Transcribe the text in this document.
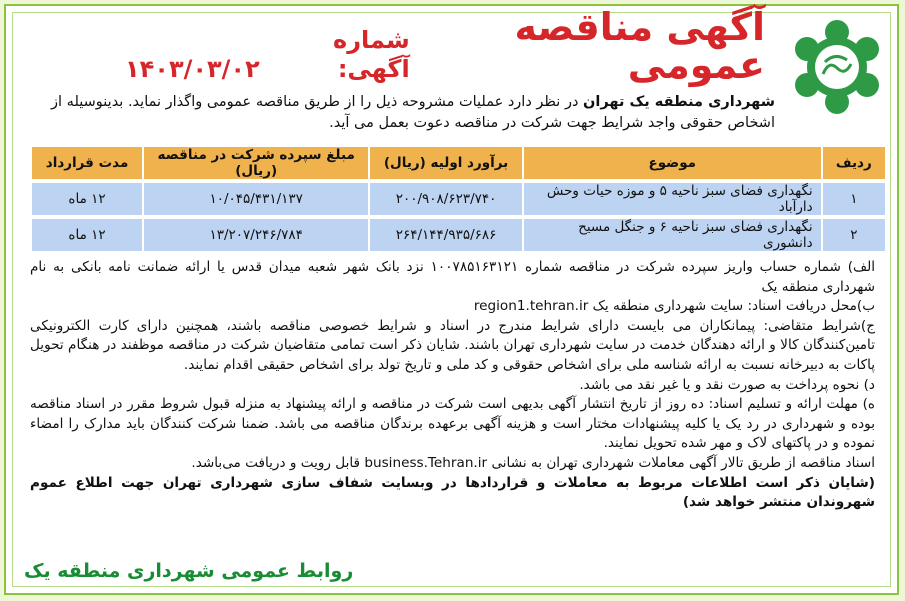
آگهی مناقصه عمومی
شماره آگهی:
۱۴۰۳/۰۳/۰۲
شهرداری منطقه یک تهران در نظر دارد عملیات مشروحه ذیل را از طریق مناقصه عمومی واگذار نماید. بدینوسیله از اشخاص حقوقی واجد شرایط جهت شرکت در مناقصه دعوت بعمل می آید.
ردیف	موضوع	برآورد اولیه (ریال)	مبلغ سپرده شرکت در مناقصه (ریال)	مدت قرارداد
۱	نگهداری فضای سبز ناحیه ۵ و موزه حیات وحش دارآباد	۲۰۰/۹۰۸/۶۲۳/۷۴۰	۱۰/۰۴۵/۴۳۱/۱۳۷	۱۲ ماه
۲	نگهداری فضای سبز ناحیه ۶ و جنگل مسیح دانشوری	۲۶۴/۱۴۴/۹۳۵/۶۸۶	۱۳/۲۰۷/۲۴۶/۷۸۴	۱۲ ماه

الف) شماره حساب واریز سپرده شرکت در مناقصه شماره ۱۰۰۷۸۵۱۶۳۱۲۱ نزد بانک شهر شعبه میدان قدس یا ارائه ضمانت نامه بانکی به نام شهرداری منطقه یک

ب)محل دریافت اسناد: سایت شهرداری منطقه یک region1.tehran.ir

ج)شرایط متقاضی: پیمانکاران می بایست دارای شرایط مندرج در اسناد و شرایط خصوصی مناقصه باشند، همچنین دارای کارت الکترونیکی تامین‌کنندگان کالا و ارائه دهندگان خدمت در سایت شهرداری تهران باشند. شایان ذکر است تمامی متقاضیان شرکت در مناقصه موظفند در هنگام تحویل پاکات به دبیرخانه نسبت به ارائه شناسه ملی برای اشخاص حقوقی و کد ملی و تاریخ تولد برای اشخاص حقیقی اقدام نمایند.

د) نحوه پرداخت به صورت نقد و یا غیر نقد می باشد.

ه) مهلت ارائه و تسلیم اسناد: ده روز از تاریخ انتشار آگهی بدیهی است شرکت در مناقصه و ارائه پیشنهاد به منزله قبول شروط مقرر در اسناد مناقصه بوده و شهرداری در رد یک یا کلیه پیشنهادات مختار است و هزینه آگهی برعهده برندگان مناقصه می باشد. ضمنا شرکت کنندگان باید مدارک را امضاء نموده و در پاکتهای لاک و مهر شده تحویل نمایند.

اسناد مناقصه از طریق تالار آگهی معاملات شهرداری تهران به نشانی business.Tehran.ir قابل رویت و دریافت می‌باشد.

(شایان ذکر است اطلاعات مربوط به معاملات و قراردادها در وبسایت شفاف سازی شهرداری تهران جهت اطلاع عموم شهروندان منتشر خواهد شد)

روابط عمومی شهرداری منطقه یک
